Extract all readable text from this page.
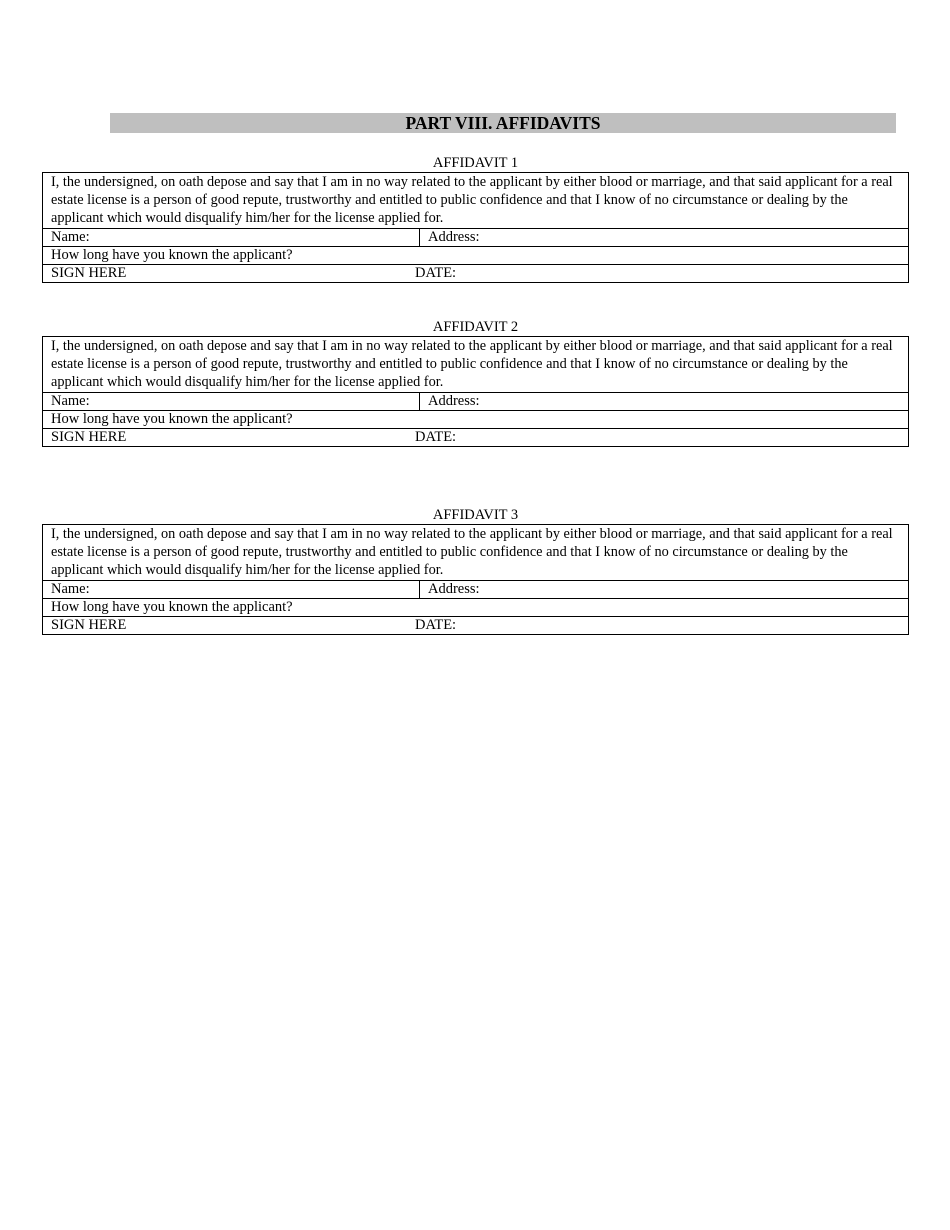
PART VIII. AFFIDAVITS
AFFIDAVIT 1
I, the undersigned, on oath depose and say that I am in no way related to the applicant by either blood or marriage, and that said applicant for a real estate license is a person of good repute, trustworthy and entitled to public confidence and that I know of no circumstance or dealing by the applicant which would disqualify him/her for the license applied for.
Name:	Address:
How long have you known the applicant?
SIGN HERE	DATE:
AFFIDAVIT 2
I, the undersigned, on oath depose and say that I am in no way related to the applicant by either blood or marriage, and that said applicant for a real estate license is a person of good repute, trustworthy and entitled to public confidence and that I know of no circumstance or dealing by the applicant which would disqualify him/her for the license applied for.
Name:	Address:
How long have you known the applicant?
SIGN HERE	DATE:
AFFIDAVIT 3
I, the undersigned, on oath depose and say that I am in no way related to the applicant by either blood or marriage, and that said applicant for a real estate license is a person of good repute, trustworthy and entitled to public confidence and that I know of no circumstance or dealing by the applicant which would disqualify him/her for the license applied for.
Name:	Address:
How long have you known the applicant?
SIGN HERE	DATE:
